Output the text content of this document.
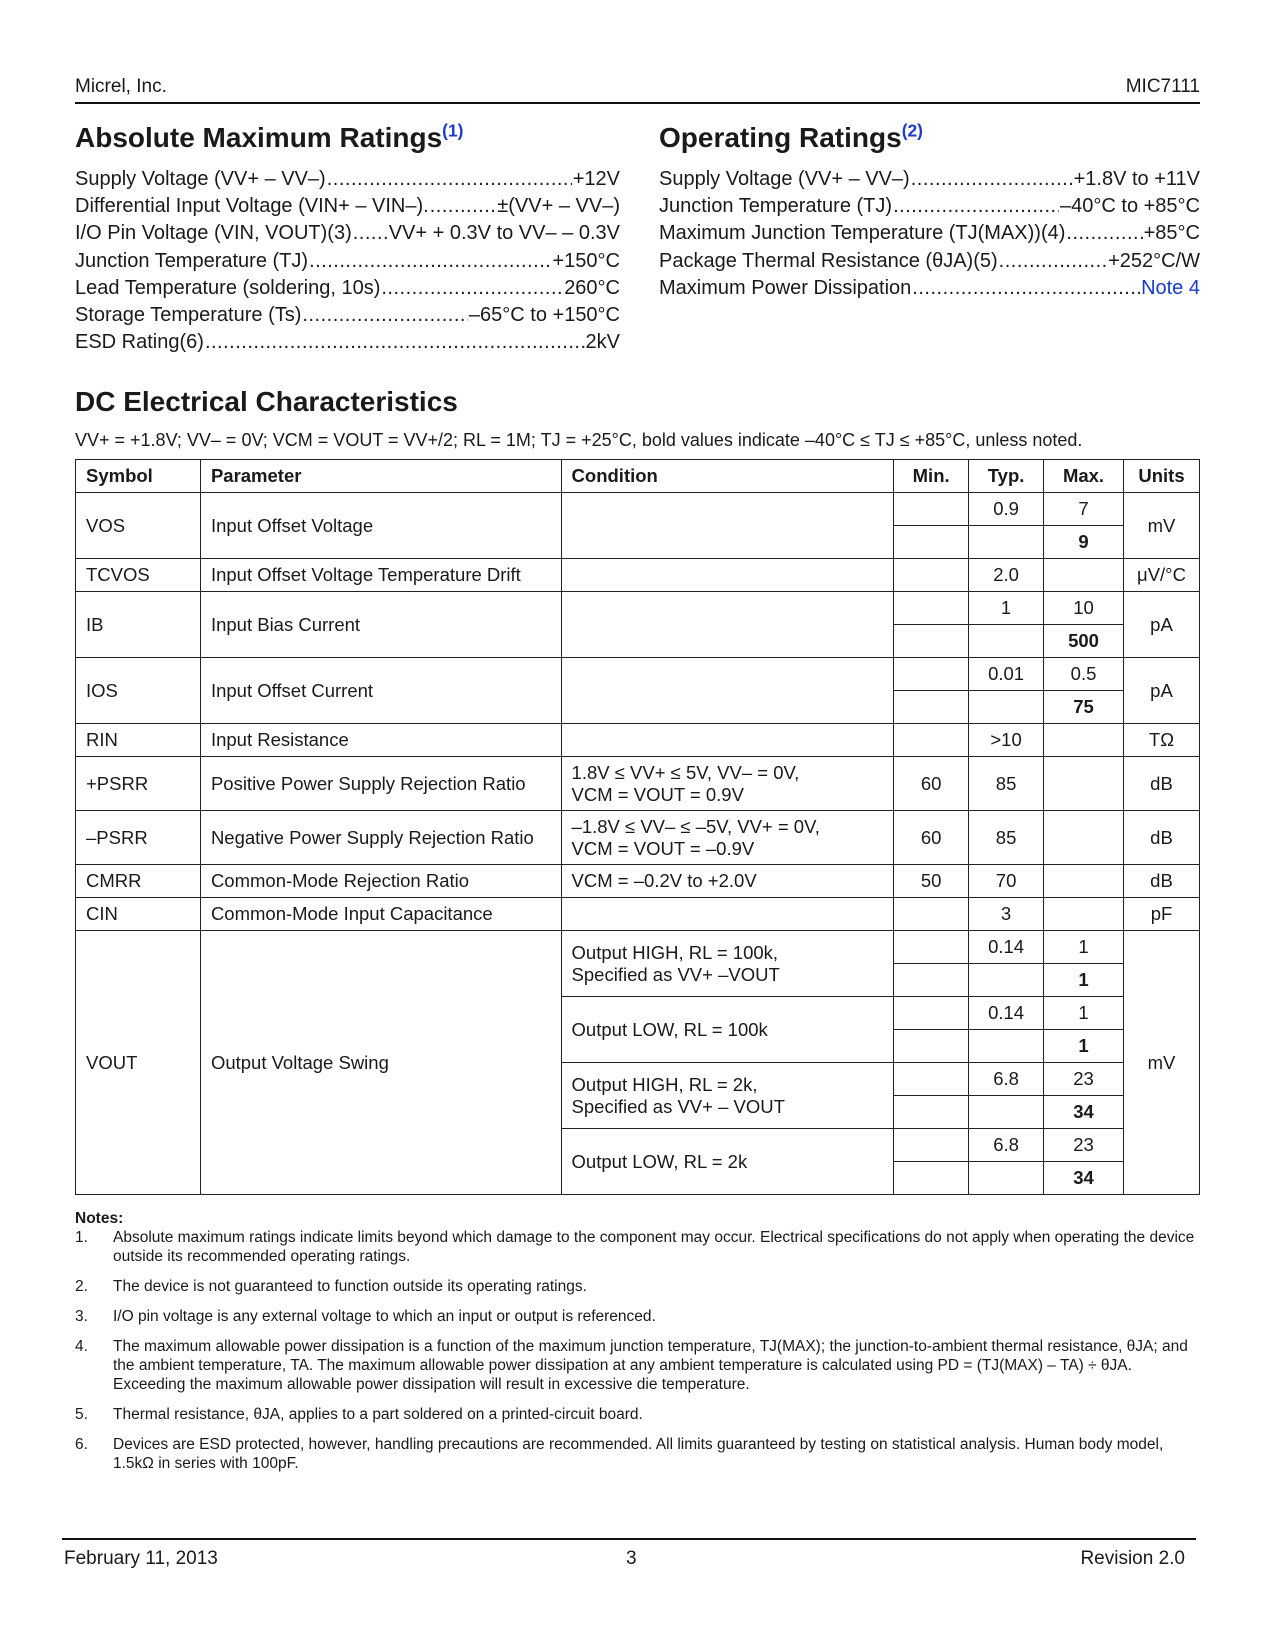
Micrel, Inc.	MIC7111
Absolute Maximum Ratings$^{(1)}$
Supply Voltage (VV+ – VV–) .....	+12V
Differential Input Voltage (VIN+ – VIN–). .....	±(VV+ – VV–)
I/O Pin Voltage (VIN, VOUT)(3) ..... VV+ + 0.3V to VV– – 0.3V
Junction Temperature (TJ) .....	+150°C
Lead Temperature (soldering, 10s) .....	260°C
Storage Temperature (Ts) .....	–65°C to +150°C
ESD Rating(6) .....	2kV
Operating Ratings$^{(2)}$
Supply Voltage (VV+ – VV–) .....	+1.8V to +11V
Junction Temperature (TJ) .....	–40°C to +85°C
Maximum Junction Temperature (TJ(MAX))(4) .....	+85°C
Package Thermal Resistance (θJA)(5) .....	+252°C/W
Maximum Power Dissipation .....	Note 4
DC Electrical Characteristics
VV+ = +1.8V; VV– = 0V; VCM = VOUT = VV+/2; RL = 1M; TJ = +25°C, bold values indicate –40°C ≤ TJ ≤ +85°C, unless noted.
Symbol	Parameter	Condition	Min.	Typ.	Max.	Units
VOS	Input Offset Voltage			0.9	7	mV
					9	
TCVOS	Input Offset Voltage Temperature Drift			2.0		μV/°C
IB	Input Bias Current			1	10	pA
					500	
IOS	Input Offset Current			0.01	0.5	pA
					75	
RIN	Input Resistance			>10		TΩ
+PSRR	Positive Power Supply Rejection Ratio	1.8V ≤ VV+ ≤ 5V, VV– = 0V,
VCM = VOUT = 0.9V	60	85		dB
–PSRR	Negative Power Supply Rejection Ratio	–1.8V ≤ VV– ≤ –5V, VV+ = 0V,
VCM = VOUT = –0.9V	60	85		dB
CMRR	Common-Mode Rejection Ratio	VCM = –0.2V to +2.0V	50	70		dB
CIN	Common-Mode Input Capacitance			3		pF
VOUT	Output Voltage Swing	Output HIGH, RL = 100k,
Specified as VV+ –VOUT		0.14	1	mV
					1	
		Output LOW, RL = 100k		0.14	1	
					1	

		Output HIGH, RL = 2k,
Specified as VV+ – VOUT		6.8	23	
					34	
		Output LOW, RL = 2k		6.8	23	
					34	
Notes:
1.	Absolute maximum ratings indicate limits beyond which damage to the component may occur. Electrical specifications do not apply when operating the device outside its recommended operating ratings.
2.	The device is not guaranteed to function outside its operating ratings.
3.	I/O pin voltage is any external voltage to which an input or output is referenced.
4.	The maximum allowable power dissipation is a function of the maximum junction temperature, TJ(MAX); the junction-to-ambient thermal resistance, θJA; and the ambient temperature, TA. The maximum allowable power dissipation at any ambient temperature is calculated using PD = (TJ(MAX) – TA) ÷ θJA. Exceeding the maximum allowable power dissipation will result in excessive die temperature.
5.	Thermal resistance, θJA, applies to a part soldered on a printed-circuit board.
6.	Devices are ESD protected, however, handling precautions are recommended. All limits guaranteed by testing on statistical analysis. Human body model, 1.5kΩ in series with 100pF.
February 11, 2013	3	Revision 2.0
